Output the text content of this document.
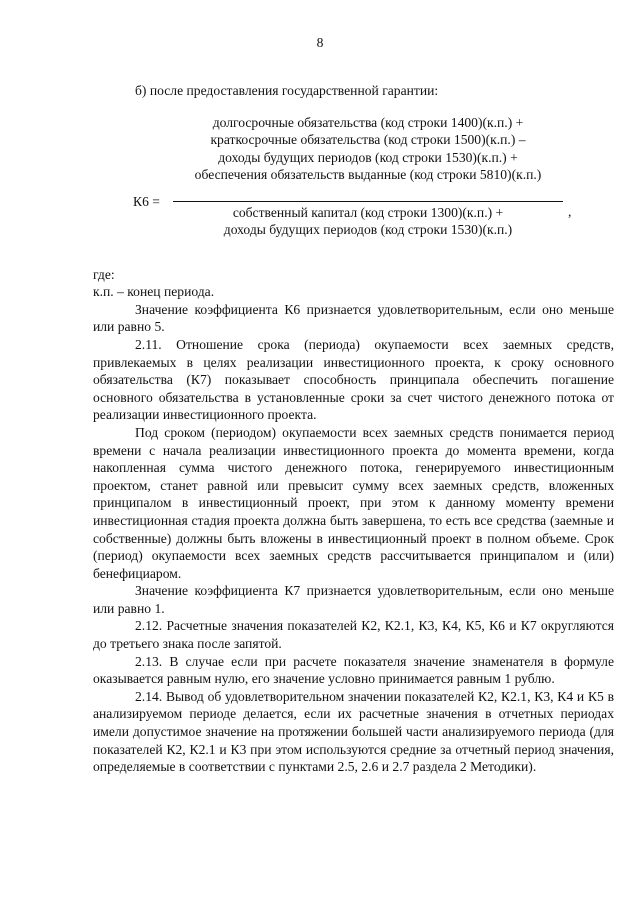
8

б) после предоставления государственной гарантии:

К6 =
долгосрочные обязательства (код строки 1400)(к.п.) +
краткосрочные обязательства (код строки 1500)(к.п.) –
доходы будущих периодов (код строки 1530)(к.п.) +
обеспечения обязательств выданные (код строки 5810)(к.п.)
собственный капитал (код строки 1300)(к.п.) +
доходы будущих периодов (код строки 1530)(к.п.)
,

где:

к.п. – конец периода.

Значение коэффициента К6 признается удовлетворительным, если оно меньше или равно 5.

2.11. Отношение срока (периода) окупаемости всех заемных средств, привлекаемых в целях реализации инвестиционного проекта, к сроку основного обязательства (К7) показывает способность принципала обеспечить погашение основного обязательства в установленные сроки за счет чистого денежного потока от реализации инвестиционного проекта.

Под сроком (периодом) окупаемости всех заемных средств понимается период времени с начала реализации инвестиционного проекта до момента времени, когда накопленная сумма чистого денежного потока, генерируемого инвестиционным проектом, станет равной или превысит сумму всех заемных средств, вложенных принципалом в инвестиционный проект, при этом к данному моменту времени инвестиционная стадия проекта должна быть завершена, то есть все средства (заемные и собственные) должны быть вложены в инвестиционный проект в полном объеме. Срок (период) окупаемости всех заемных средств рассчитывается принципалом и (или) бенефициаром.

Значение коэффициента К7 признается удовлетворительным, если оно меньше или равно 1.

2.12. Расчетные значения показателей К2, К2.1, К3, К4, К5, К6 и К7 округляются до третьего знака после запятой.

2.13. В случае если при расчете показателя значение знаменателя в формуле оказывается равным нулю, его значение условно принимается равным 1 рублю.

2.14. Вывод об удовлетворительном значении показателей К2, К2.1, К3, К4 и К5 в анализируемом периоде делается, если их расчетные значения в отчетных периодах имели допустимое значение на протяжении большей части анализируемого периода (для показателей К2, К2.1 и К3 при этом используются средние за отчетный период значения, определяемые в соответствии с пунктами 2.5, 2.6 и 2.7 раздела 2 Методики).
